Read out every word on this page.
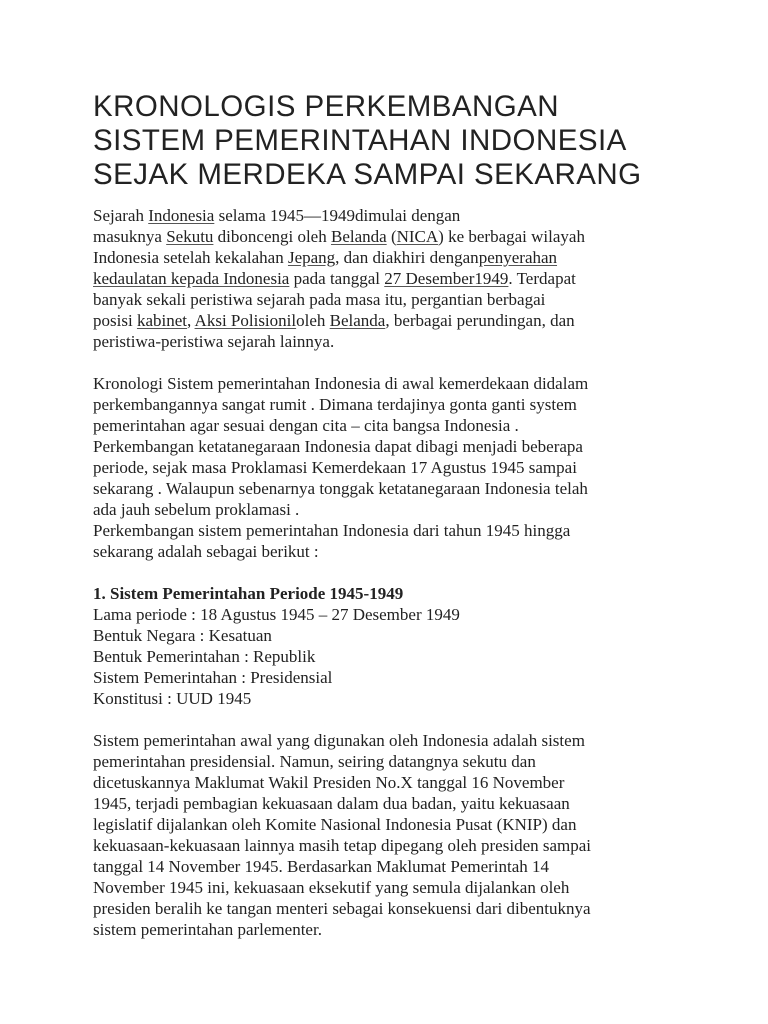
KRONOLOGIS PERKEMBANGAN
SISTEM PEMERINTAHAN INDONESIA
SEJAK MERDEKA SAMPAI SEKARANG
Sejarah Indonesia selama 1945—1949dimulai dengan
masuknya Sekutu diboncengi oleh Belanda (NICA) ke berbagai wilayah
Indonesia setelah kekalahan Jepang, dan diakhiri denganpenyerahan
kedaulatan kepada Indonesia pada tanggal 27 Desember1949. Terdapat
banyak sekali peristiwa sejarah pada masa itu, pergantian berbagai
posisi kabinet, Aksi Polisioniloleh Belanda, berbagai perundingan, dan
peristiwa-peristiwa sejarah lainnya.
Kronologi Sistem pemerintahan Indonesia di awal kemerdekaan didalam
perkembangannya sangat rumit . Dimana terdajinya gonta ganti system
pemerintahan agar sesuai dengan cita – cita bangsa Indonesia .
Perkembangan ketatanegaraan Indonesia dapat dibagi menjadi beberapa
periode, sejak masa Proklamasi Kemerdekaan 17 Agustus 1945 sampai
sekarang . Walaupun sebenarnya tonggak ketatanegaraan Indonesia telah
ada jauh sebelum proklamasi .
Perkembangan sistem pemerintahan Indonesia dari tahun 1945 hingga
sekarang adalah sebagai berikut :
1. Sistem Pemerintahan Periode 1945-1949
Lama periode : 18 Agustus 1945 – 27 Desember 1949
Bentuk Negara : Kesatuan
Bentuk Pemerintahan : Republik
Sistem Pemerintahan : Presidensial
Konstitusi : UUD 1945
Sistem pemerintahan awal yang digunakan oleh Indonesia adalah sistem
pemerintahan presidensial. Namun, seiring datangnya sekutu dan
dicetuskannya Maklumat Wakil Presiden No.X tanggal 16 November
1945, terjadi pembagian kekuasaan dalam dua badan, yaitu kekuasaan
legislatif dijalankan oleh Komite Nasional Indonesia Pusat (KNIP) dan
kekuasaan-kekuasaan lainnya masih tetap dipegang oleh presiden sampai
tanggal 14 November 1945. Berdasarkan Maklumat Pemerintah 14
November 1945 ini, kekuasaan eksekutif yang semula dijalankan oleh
presiden beralih ke tangan menteri sebagai konsekuensi dari dibentuknya
sistem pemerintahan parlementer.
